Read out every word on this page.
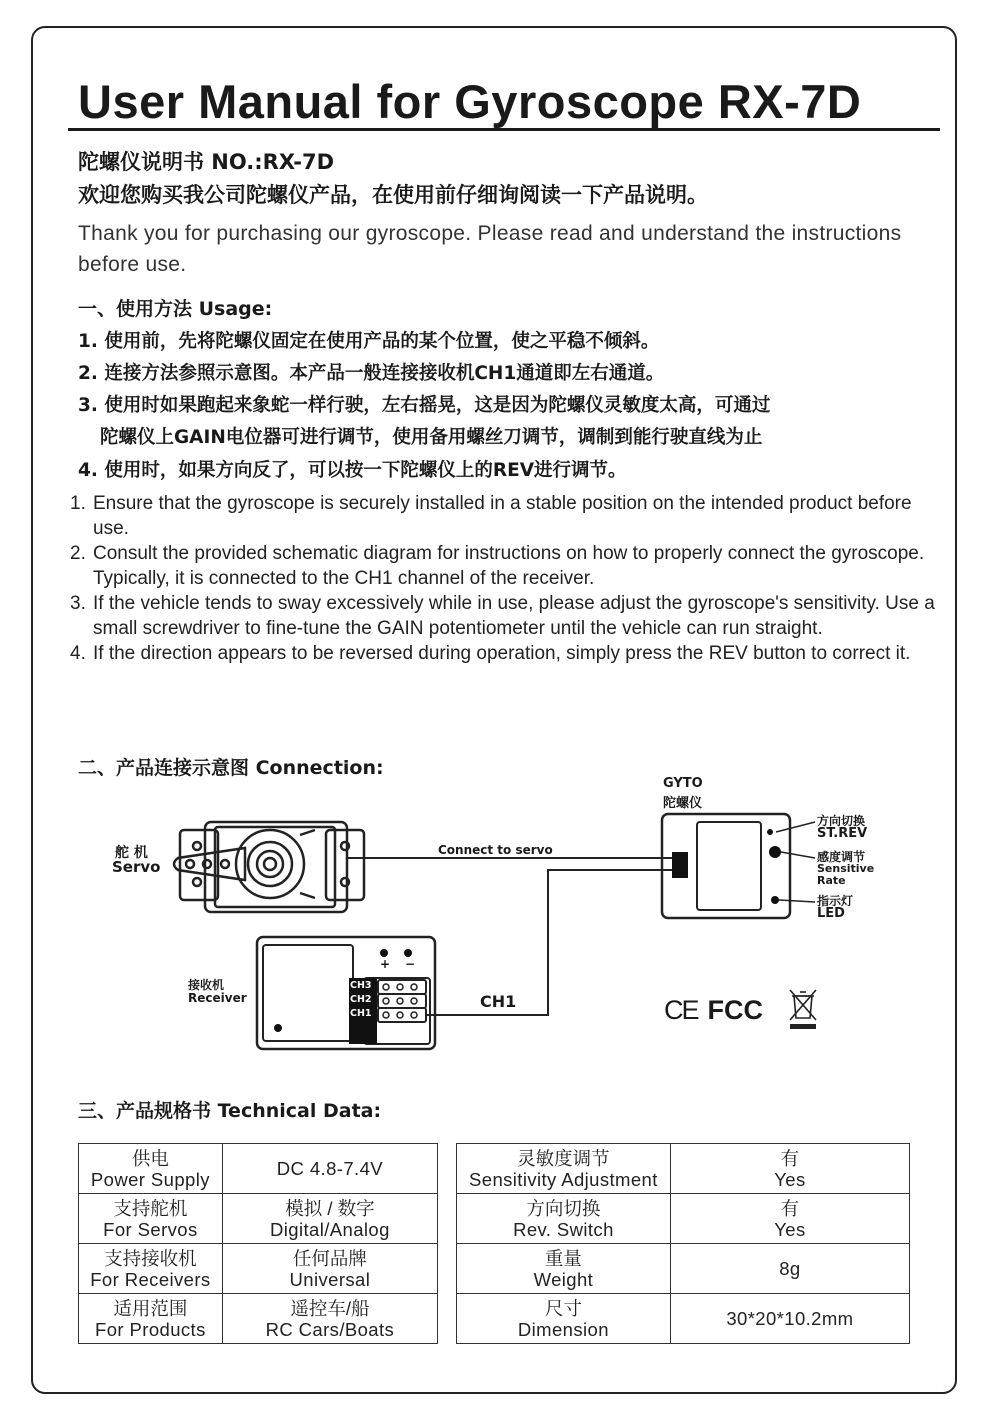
User Manual for Gyroscope RX-7D
陀螺仪说明书 NO.:RX-7D
欢迎您购买我公司陀螺仪产品，在使用前仔细询阅读一下产品说明。
Thank you for purchasing our gyroscope. Please read and understand the instructions before use.
一、使用方法 Usage:
1. 使用前，先将陀螺仪固定在使用产品的某个位置，使之平稳不倾斜。
2. 连接方法参照示意图。本产品一般连接接收机CH1通道即左右通道。
3. 使用时如果跑起来象蛇一样行驶，左右摇晃，这是因为陀螺仪灵敏度太高，可通过
陀螺仪上GAIN电位器可进行调节，使用备用螺丝刀调节，调制到能行驶直线为止
4. 使用时，如果方向反了，可以按一下陀螺仪上的REV进行调节。
1. Ensure that the gyroscope is securely installed in a stable position on the intended product before use.
2. Consult the provided schematic diagram for instructions on how to properly connect the gyroscope. Typically, it is connected to the CH1 channel of the receiver.
3. If the vehicle tends to sway excessively while in use, please adjust the gyroscope's sensitivity. Use a small screwdriver to fine-tune the GAIN potentiometer until the vehicle can run straight.
4. If the direction appears to be reversed during operation, simply press the REV button to correct it.
二、产品连接示意图 Connection:
舵 机
Servo
Connect to servo
GYTO
陀螺仪
方向切换
ST.REV
感度调节
Sensitive
Rate
指示灯
LED
接收机
Receiver
CH3
CH2
CH1
+ −
CH1	CE FCC
三、产品规格书 Technical Data:
供电
Power Supply	DC 4.8-7.4V

支持舵机
For Servos	模拟 / 数字
Digital/Analog

支持接收机
For Receivers	任何品牌
Universal

适用范围
For Products	遥控车/船
RC Cars/Boats
灵敏度调节
Sensitivity Adjustment	有
Yes

方向切换
Rev. Switch	有
Yes

重量
Weight	8g

尺寸
Dimension	30*20*10.2mm
